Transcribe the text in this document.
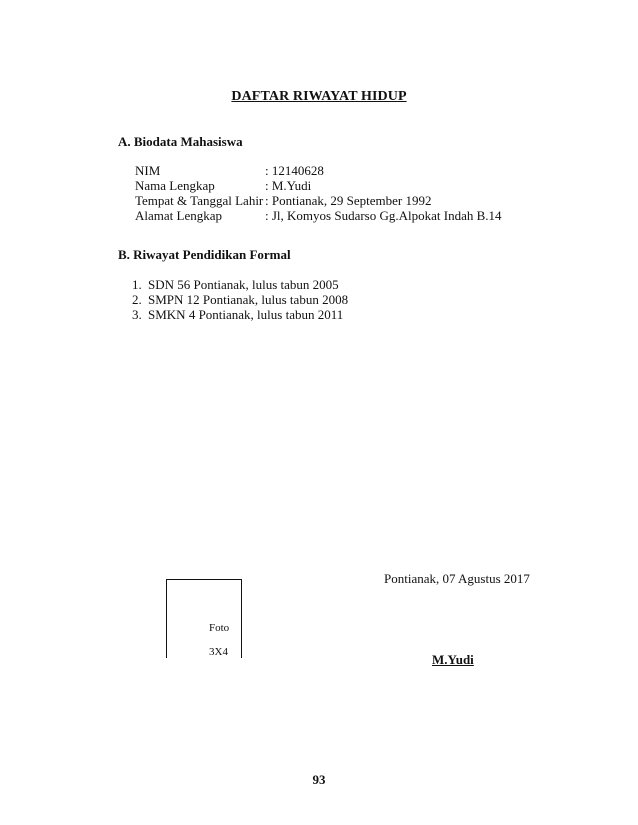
DAFTAR RIWAYAT HIDUP
A. Biodata Mahasiswa
NIM	: 12140628
Nama Lengkap	: M.Yudi
Tempat & Tanggal Lahir : Pontianak, 29 September 1992
Alamat Lengkap	: Jl, Komyos Sudarso Gg.Alpokat Indah B.14
B. Riwayat Pendidikan Formal
1. SDN 56 Pontianak, lulus tabun 2005
2. SMPN 12 Pontianak, lulus tabun 2008
3. SMKN 4 Pontianak, lulus tabun 2011
Pontianak, 07 Agustus 2017
Foto
3X4	M.Yudi
93
